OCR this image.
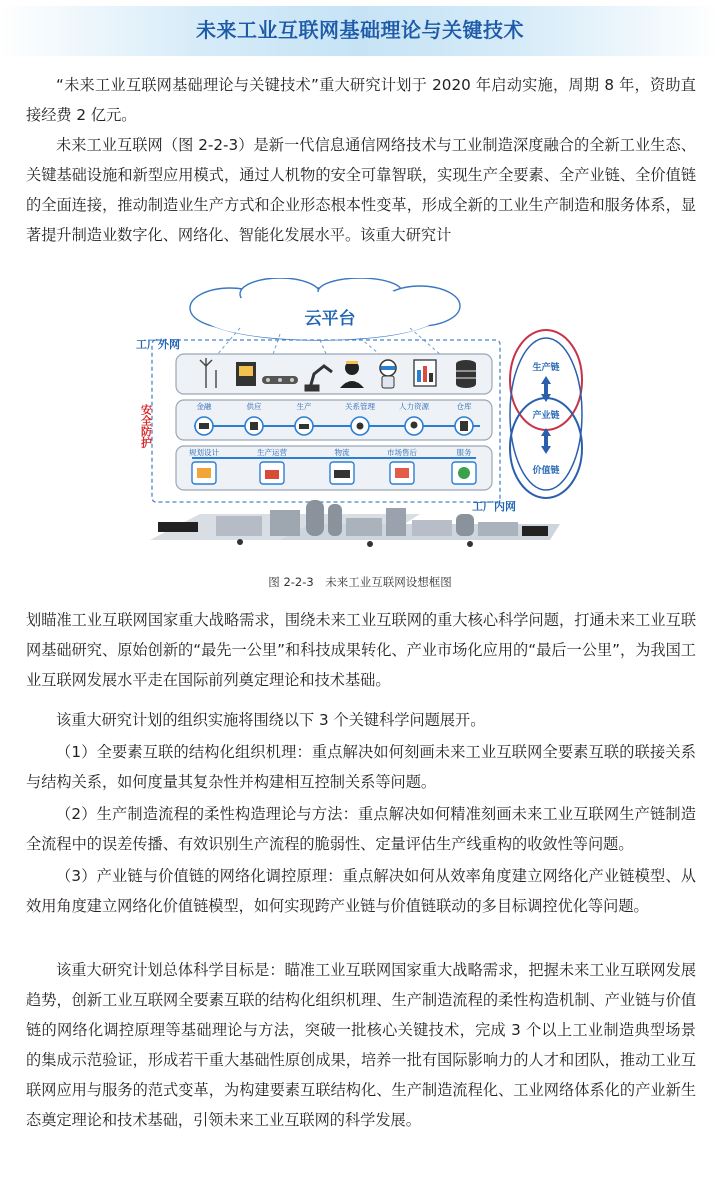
未来工业互联网基础理论与关键技术

“未来工业互联网基础理论与关键技术”重大研究计划于 2020 年启动实施，周期 8 年，资助直接经费 2 亿元。

未来工业互联网（图 2-2-3）是新一代信息通信网络技术与工业制造深度融合的全新工业生态、关键基础设施和新型应用模式，通过人机物的安全可靠智联，实现生产全要素、全产业链、全价值链的全面连接，推动制造业生产方式和企业形态根本性变革，形成全新的工业生产制造和服务体系，显著提升制造业数字化、网络化、智能化发展水平。该重大研究计

云平台
工厂外网
安全防护	金融	供应	生产	关系管理	人力资源	仓库
规划设计	生产运营	物流	市场售后	服务
工厂内网
生产链
产业链
价值链
图 2-2-3　未来工业互联网设想框图

划瞄准工业互联网国家重大战略需求，围绕未来工业互联网的重大核心科学问题，打通未来工业互联网基础研究、原始创新的“最先一公里”和科技成果转化、产业市场化应用的“最后一公里”，为我国工业互联网发展水平走在国际前列奠定理论和技术基础。

该重大研究计划的组织实施将围绕以下 3 个关键科学问题展开。

（1）全要素互联的结构化组织机理：重点解决如何刻画未来工业互联网全要素互联的联接关系与结构关系，如何度量其复杂性并构建相互控制关系等问题。

（2）生产制造流程的柔性构造理论与方法：重点解决如何精准刻画未来工业互联网生产链制造全流程中的误差传播、有效识别生产流程的脆弱性、定量评估生产线重构的收敛性等问题。

（3）产业链与价值链的网络化调控原理：重点解决如何从效率角度建立网络化产业链模型、从效用角度建立网络化价值链模型，如何实现跨产业链与价值链联动的多目标调控优化等问题。

该重大研究计划总体科学目标是：瞄准工业互联网国家重大战略需求，把握未来工业互联网发展趋势，创新工业互联网全要素互联的结构化组织机理、生产制造流程的柔性构造机制、产业链与价值链的网络化调控原理等基础理论与方法，突破一批核心关键技术，完成 3 个以上工业制造典型场景的集成示范验证，形成若干重大基础性原创成果，培养一批有国际影响力的人才和团队，推动工业互联网应用与服务的范式变革，为构建要素互联结构化、生产制造流程化、工业网络体系化的产业新生态奠定理论和技术基础，引领未来工业互联网的科学发展。
